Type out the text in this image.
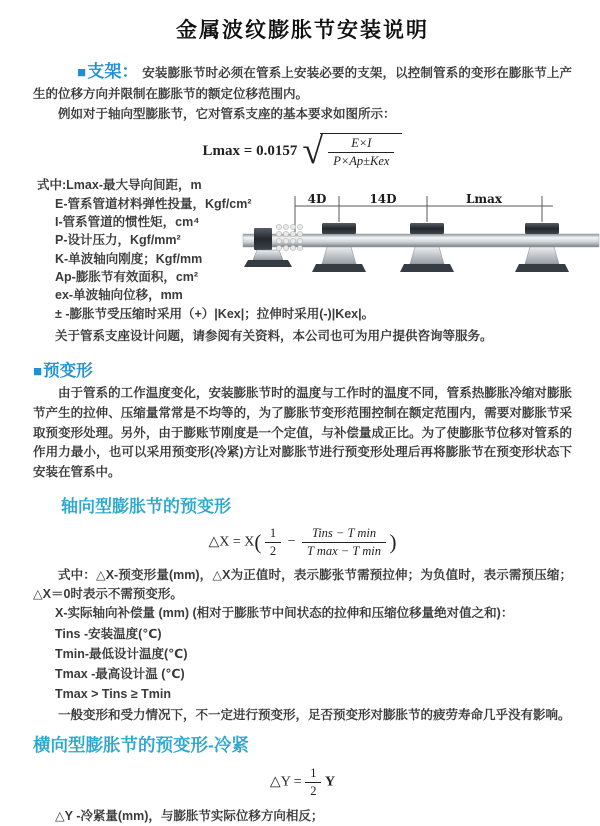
金属波纹膨胀节安装说明

■支架： 安装膨胀节时必须在管系上安装必要的支架，以控制管系的变形在膨胀节上产生的位移方向并限制在膨胀节的额定位移范围内。

例如对于轴向型膨胀节，它对管系支座的基本要求如图所示：

Lmax = 0.0157 √ $\frac{E\times I}{\text{P×Ap±Kex}}$

式中:Lmax-最大导向间距，m

E-管系管道材料弹性投量，Kgf/cm²

I-管系管道的惯性矩，cm⁴

P-设计压力，Kgf/mm²

K-单波轴向刚度；Kgf/mm

Ap-膨胀节有效面积，cm²

ex-单波轴向位移，mm

± -膨胀节受压缩时采用（+）|Kex|；拉伸时采用(-)|Kex|。

关于管系支座设计问题，请参阅有关资料，本公司也可为用户提供咨询等服务。

4D	14D	Lmax

■预变形

由于管系的工作温度变化，安装膨胀节时的温度与工作时的温度不同，管系热膨胀冷缩对膨胀节产生的拉伸、压缩量常常是不均等的，为了膨胀节变形范围控制在额定范围内，需要对膨胀节采取预变形处理。另外，由于膨账节刚度是一个定值，与补偿量成正比。为了使膨胀节位移对管系的作用力最小，也可以采用预变形(冷紧)方让对膨胀节进行预变形处理后再将膨胀节在预变形状态下安装在管系中。

轴向型膨胀节的预变形

△X = $X( \frac{1}{2} - \frac{\text{Tins − T min}}{\text{T max − T min}}$ )

式中：△X-预变形量(mm)，△X为正值时，表示膨张节需预拉伸；为负值时，表示需预压缩；△X＝0时表示不需预变形。

X-实际轴向补偿量 (mm) (相对于膨胀节中间状态的拉伸和压缩位移量绝对值之和)：

Tins -安装温度(℃)

Tmin-最低设计温度(℃)

Tmax -最高设计温 (℃)

Tmax > Tins ≥ Tmin

一般变形和受力情况下，不一定进行预变形，足否预变形对膨胀节的疲劳寿命几乎没有影响。

横向型膨胀节的预变形-冷紧

△Y = $\frac{1}{2}$ Y

△Y -冷紧量(mm)，与膨胀节实际位移方向相反；
